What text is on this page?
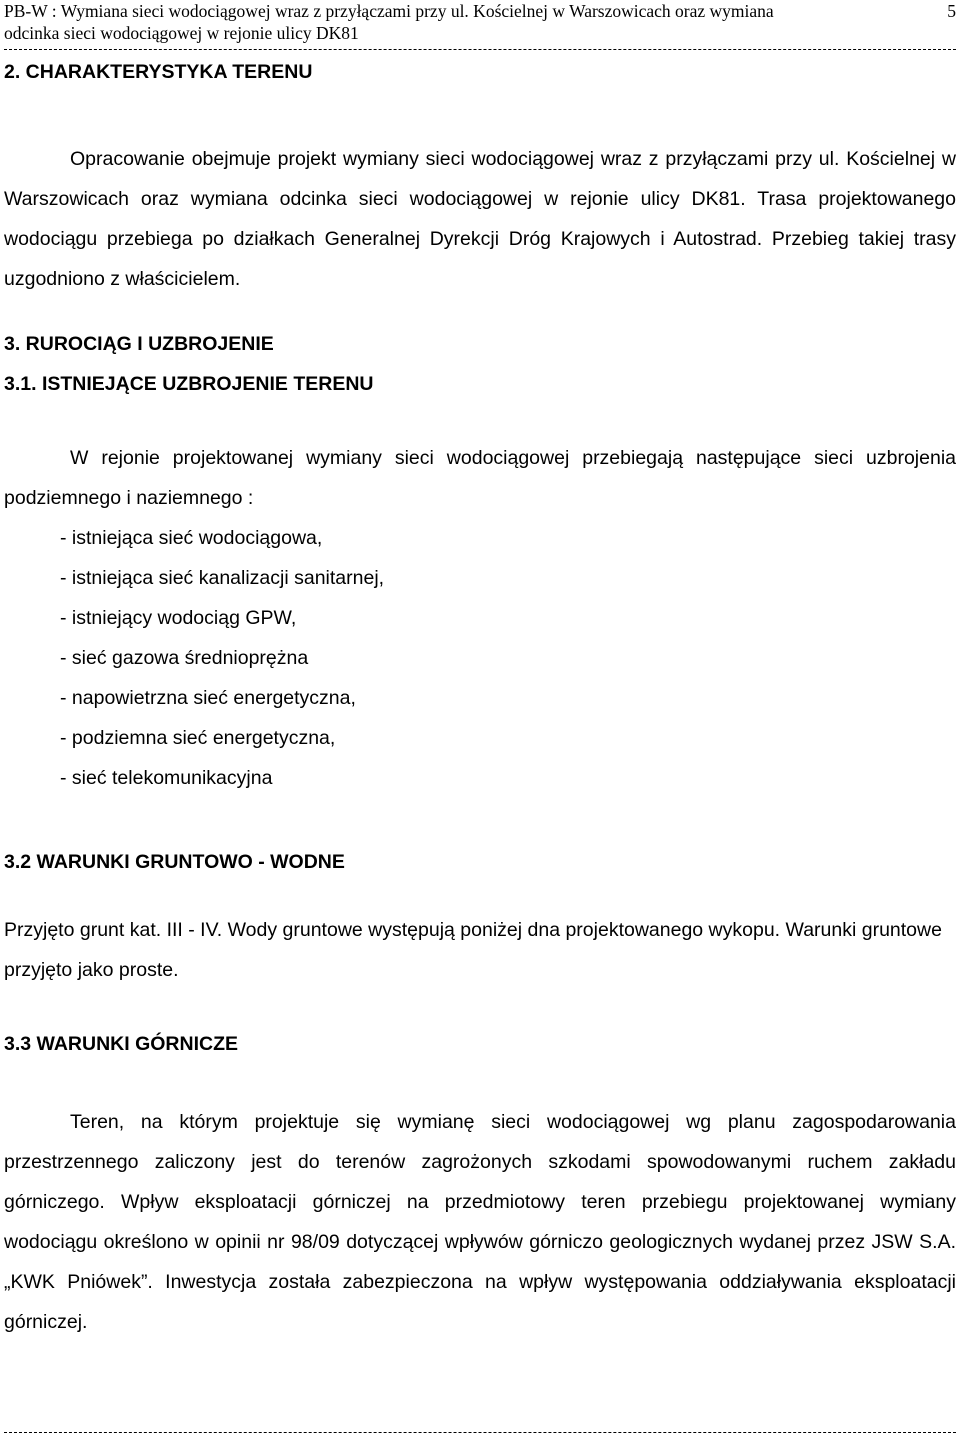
PB-W : Wymiana sieci wodociągowej wraz z przyłączami przy ul. Kościelnej w Warszowicach oraz wymiana
odcinka sieci wodociągowej w rejonie ulicy DK81
5
2. CHARAKTERYSTYKA TERENU
Opracowanie obejmuje projekt wymiany sieci wodociągowej wraz z przyłączami przy ul. Kościelnej w Warszowicach oraz wymiana odcinka sieci wodociągowej w rejonie ulicy DK81. Trasa projektowanego wodociągu przebiega po działkach Generalnej Dyrekcji Dróg Krajowych i Autostrad. Przebieg takiej trasy uzgodniono z właścicielem.
3. RUROCIĄG I UZBROJENIE
3.1. ISTNIEJĄCE UZBROJENIE TERENU
W rejonie projektowanej wymiany sieci wodociągowej przebiegają następujące sieci uzbrojenia podziemnego i naziemnego :
- istniejąca sieć wodociągowa,
- istniejąca sieć kanalizacji sanitarnej,
- istniejący wodociąg GPW,
- sieć gazowa średnioprężna
- napowietrzna sieć energetyczna,
- podziemna sieć energetyczna,
- sieć telekomunikacyjna
3.2 WARUNKI GRUNTOWO - WODNE
Przyjęto grunt kat. III - IV. Wody gruntowe występują poniżej dna projektowanego wykopu. Warunki gruntowe przyjęto jako proste.
3.3 WARUNKI GÓRNICZE
Teren, na którym projektuje się wymianę sieci wodociągowej wg planu zagospodarowania przestrzennego zaliczony jest do terenów zagrożonych szkodami spowodowanymi ruchem zakładu górniczego. Wpływ eksploatacji górniczej na przedmiotowy teren przebiegu projektowanej wymiany wodociągu określono w opinii nr 98/09 dotyczącej wpływów górniczo geologicznych wydanej przez JSW S.A. „KWK Pniówek”. Inwestycja została zabezpieczona na wpływ występowania oddziaływania eksploatacji górniczej.
